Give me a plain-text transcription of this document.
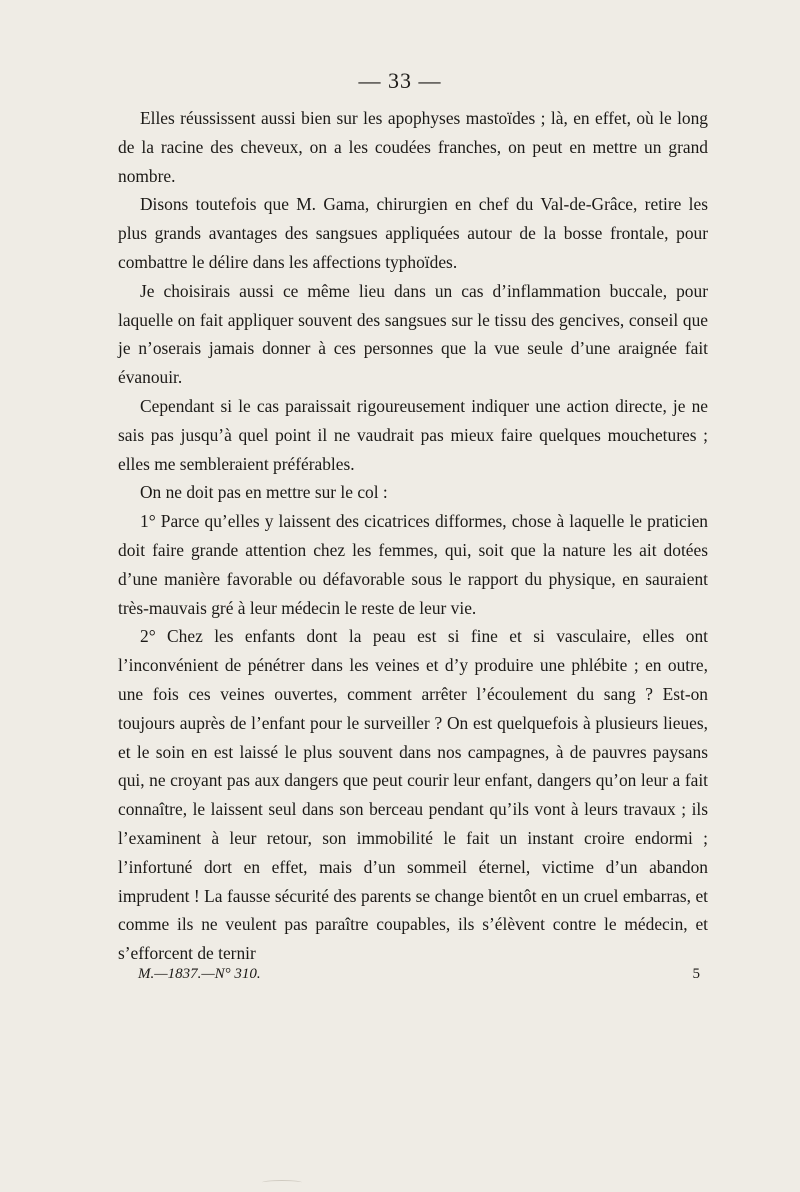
— 33 —

Elles réussissent aussi bien sur les apophyses mastoïdes ; là, en effet, où le long de la racine des cheveux, on a les coudées franches, on peut en mettre un grand nombre.

Disons toutefois que M. Gama, chirurgien en chef du Val-de-Grâce, retire les plus grands avantages des sangsues appliquées autour de la bosse frontale, pour combattre le délire dans les affections typhoïdes.

Je choisirais aussi ce même lieu dans un cas d’inflammation buccale, pour laquelle on fait appliquer souvent des sangsues sur le tissu des gencives, conseil que je n’oserais jamais donner à ces personnes que la vue seule d’une araignée fait évanouir.

Cependant si le cas paraissait rigoureusement indiquer une action directe, je ne sais pas jusqu’à quel point il ne vaudrait pas mieux faire quelques mouchetures ; elles me sembleraient préférables.

On ne doit pas en mettre sur le col :

1° Parce qu’elles y laissent des cicatrices difformes, chose à laquelle le praticien doit faire grande attention chez les femmes, qui, soit que la nature les ait dotées d’une manière favorable ou défavorable sous le rapport du physique, en sauraient très-mauvais gré à leur médecin le reste de leur vie.

2° Chez les enfants dont la peau est si fine et si vasculaire, elles ont l’inconvénient de pénétrer dans les veines et d’y produire une phlébite ; en outre, une fois ces veines ouvertes, comment arrêter l’écoulement du sang ? Est-on toujours auprès de l’enfant pour le surveiller ? On est quelquefois à plusieurs lieues, et le soin en est laissé le plus souvent dans nos campagnes, à de pauvres paysans qui, ne croyant pas aux dangers que peut courir leur enfant, dangers qu’on leur a fait connaître, le laissent seul dans son berceau pendant qu’ils vont à leurs travaux ; ils l’examinent à leur retour, son immobilité le fait un instant croire endormi ; l’infortuné dort en effet, mais d’un sommeil éternel, victime d’un abandon imprudent ! La fausse sécurité des parents se change bientôt en un cruel embarras, et comme ils ne veulent pas paraître coupables, ils s’élèvent contre le médecin, et s’efforcent de ternir

M.—1837.—N° 310.	5
